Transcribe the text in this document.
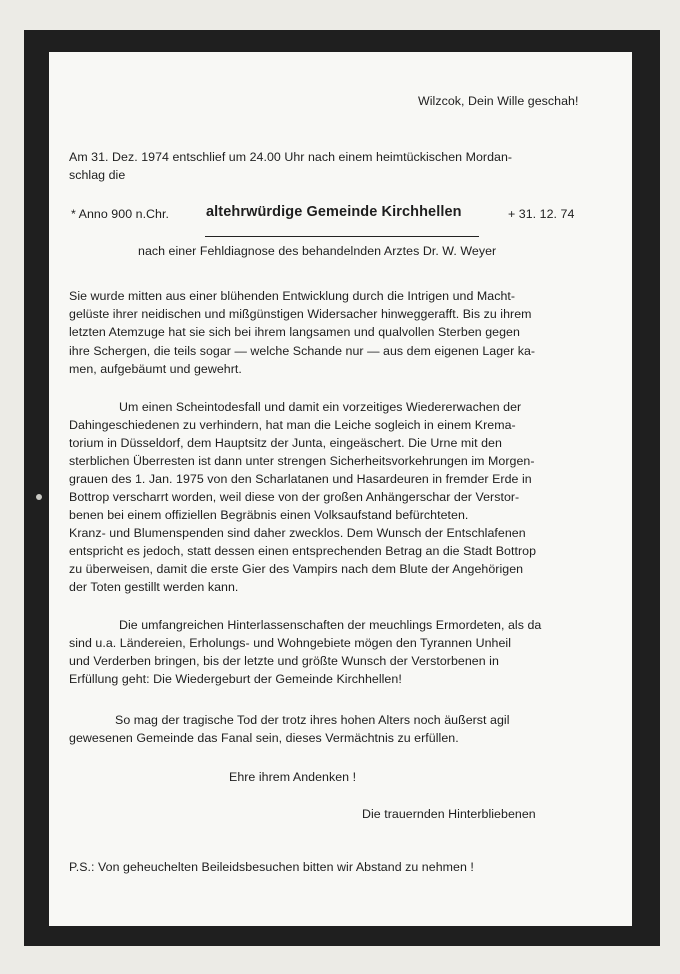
Wilzcok, Dein Wille geschah!
Am 31. Dez. 1974 entschlief um 24.00 Uhr nach einem heimtückischen Mordan-
schlag die
* Anno 900 n.Chr.	altehrwürdige Gemeinde Kirchhellen	+ 31. 12. 74
nach einer Fehldiagnose des behandelnden Arztes Dr. W. Weyer
Sie wurde mitten aus einer blühenden Entwicklung durch die Intrigen und Macht-
gelüste ihrer neidischen und mißgünstigen Widersacher hinweggerafft. Bis zu ihrem
letzten Atemzuge hat sie sich bei ihrem langsamen und qualvollen Sterben gegen
ihre Schergen, die teils sogar — welche Schande nur — aus dem eigenen Lager ka-
men, aufgebäumt und gewehrt.
Um einen Scheintodesfall und damit ein vorzeitiges Wiedererwachen der
Dahingeschiedenen zu verhindern, hat man die Leiche sogleich in einem Krema-
torium in Düsseldorf, dem Hauptsitz der Junta, eingeäschert. Die Urne mit den
sterblichen Überresten ist dann unter strengen Sicherheitsvorkehrungen im Morgen-
grauen des 1. Jan. 1975 von den Scharlatanen und Hasardeuren in fremder Erde in
Bottrop verscharrt worden, weil diese von der großen Anhängerschar der Verstor-
benen bei einem offiziellen Begräbnis einen Volksaufstand befürchteten.
Kranz- und Blumenspenden sind daher zwecklos. Dem Wunsch der Entschlafenen
entspricht es jedoch, statt dessen einen entsprechenden Betrag an die Stadt Bottrop
zu überweisen, damit die erste Gier des Vampirs nach dem Blute der Angehörigen
der Toten gestillt werden kann.
Die umfangreichen Hinterlassenschaften der meuchlings Ermordeten, als da
sind u.a. Ländereien, Erholungs- und Wohngebiete mögen den Tyrannen Unheil
und Verderben bringen, bis der letzte und größte Wunsch der Verstorbenen in
Erfüllung geht: Die Wiedergeburt der Gemeinde Kirchhellen!
So mag der tragische Tod der trotz ihres hohen Alters noch äußerst agil
gewesenen Gemeinde das Fanal sein, dieses Vermächtnis zu erfüllen.
Ehre ihrem Andenken !
Die trauernden Hinterbliebenen
P.S.: Von geheuchelten Beileidsbesuchen bitten wir Abstand zu nehmen !
